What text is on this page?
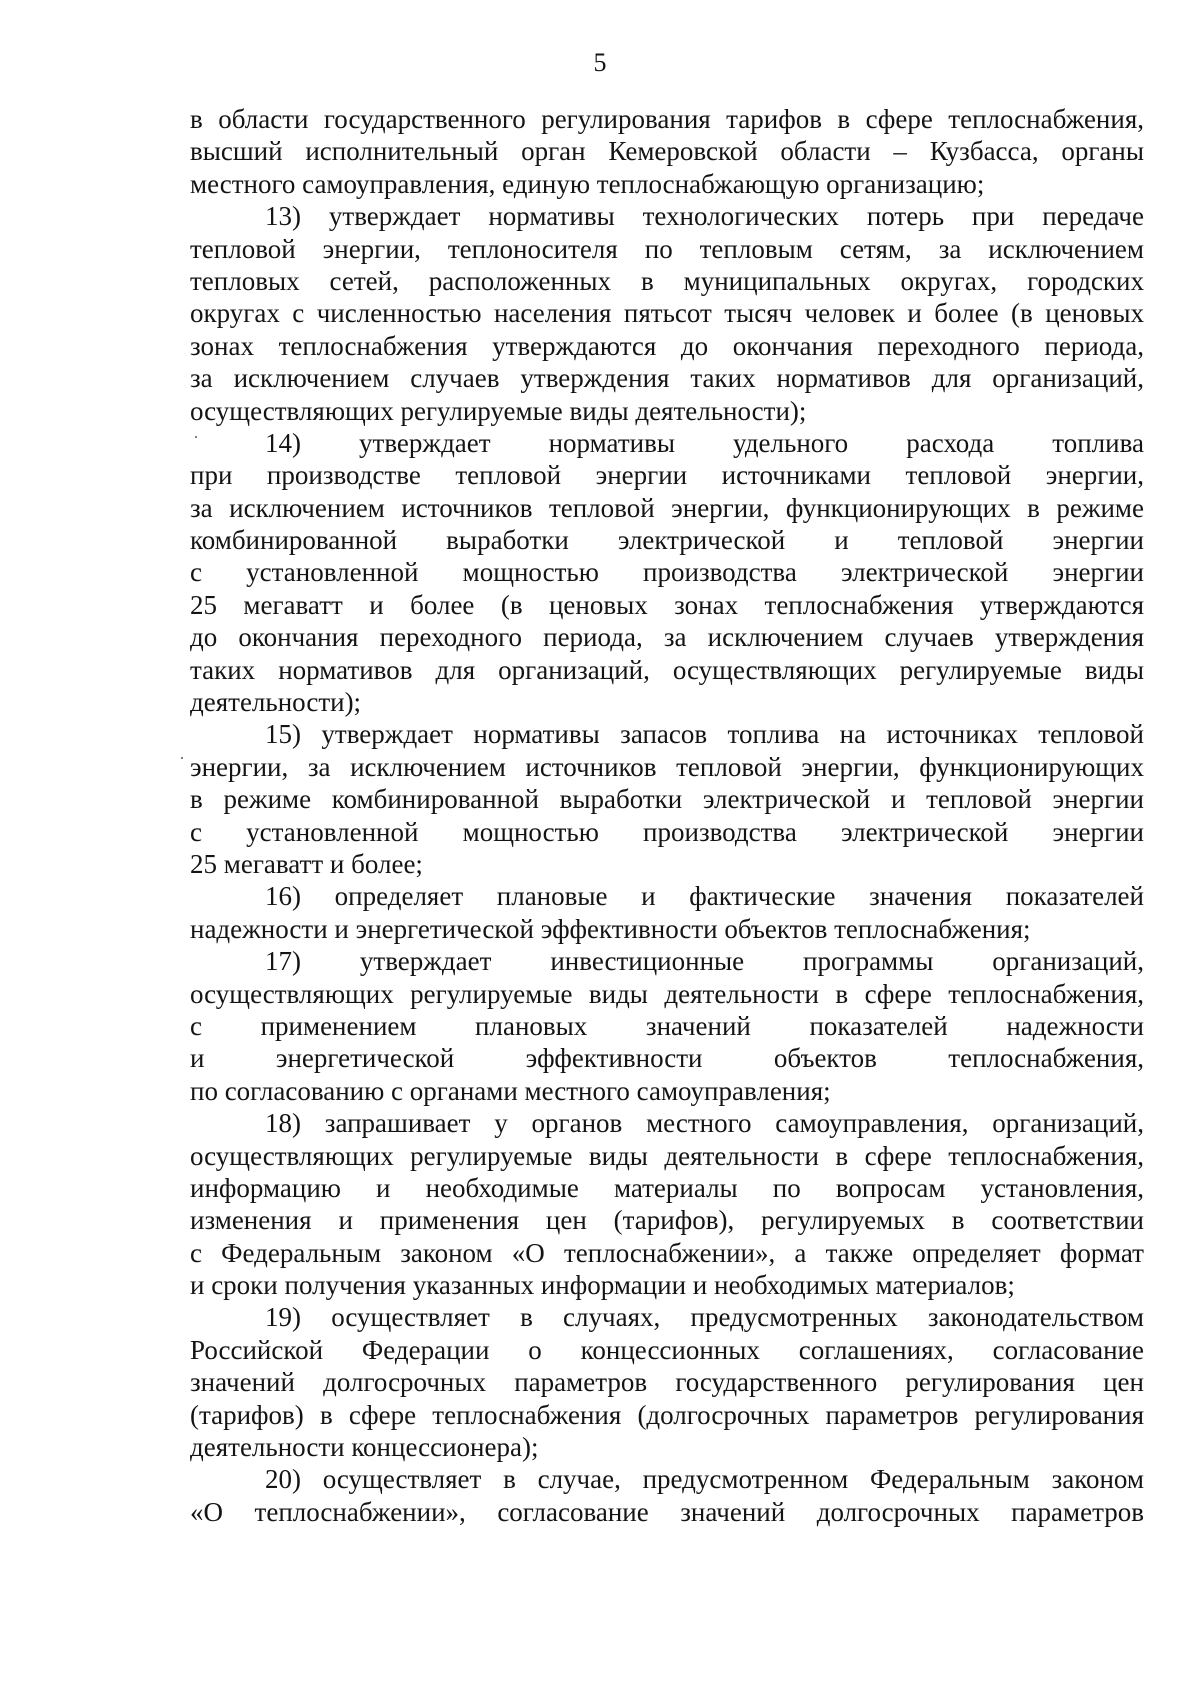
5
в области государственного регулирования тарифов в сфере теплоснабжения,
высший исполнительный орган Кемеровской области – Кузбасса, органы
местного самоуправления, единую теплоснабжающую организацию;
13) утверждает нормативы технологических потерь при передаче
тепловой энергии, теплоносителя по тепловым сетям, за исключением
тепловых сетей, расположенных в муниципальных округах, городских
округах с численностью населения пятьсот тысяч человек и более (в ценовых
зонах теплоснабжения утверждаются до окончания переходного периода,
за исключением случаев утверждения таких нормативов для организаций,
осуществляющих регулируемые виды деятельности);
14) утверждает нормативы удельного расхода топлива
при производстве тепловой энергии источниками тепловой энергии,
за исключением источников тепловой энергии, функционирующих в режиме
комбинированной выработки электрической и тепловой энергии
с установленной мощностью производства электрической энергии
25 мегаватт и более (в ценовых зонах теплоснабжения утверждаются
до окончания переходного периода, за исключением случаев утверждения
таких нормативов для организаций, осуществляющих регулируемые виды
деятельности);
15) утверждает нормативы запасов топлива на источниках тепловой
энергии, за исключением источников тепловой энергии, функционирующих
в режиме комбинированной выработки электрической и тепловой энергии
с установленной мощностью производства электрической энергии
25 мегаватт и более;
16) определяет плановые и фактические значения показателей
надежности и энергетической эффективности объектов теплоснабжения;
17) утверждает инвестиционные программы организаций,
осуществляющих регулируемые виды деятельности в сфере теплоснабжения,
с применением плановых значений показателей надежности
и энергетической эффективности объектов теплоснабжения,
по согласованию с органами местного самоуправления;
18) запрашивает у органов местного самоуправления, организаций,
осуществляющих регулируемые виды деятельности в сфере теплоснабжения,
информацию и необходимые материалы по вопросам установления,
изменения и применения цен (тарифов), регулируемых в соответствии
с Федеральным законом «О теплоснабжении», а также определяет формат
и сроки получения указанных информации и необходимых материалов;
19) осуществляет в случаях, предусмотренных законодательством
Российской Федерации о концессионных соглашениях, согласование
значений долгосрочных параметров государственного регулирования цен
(тарифов) в сфере теплоснабжения (долгосрочных параметров регулирования
деятельности концессионера);
20) осуществляет в случае, предусмотренном Федеральным законом
«О теплоснабжении», согласование значений долгосрочных параметров
